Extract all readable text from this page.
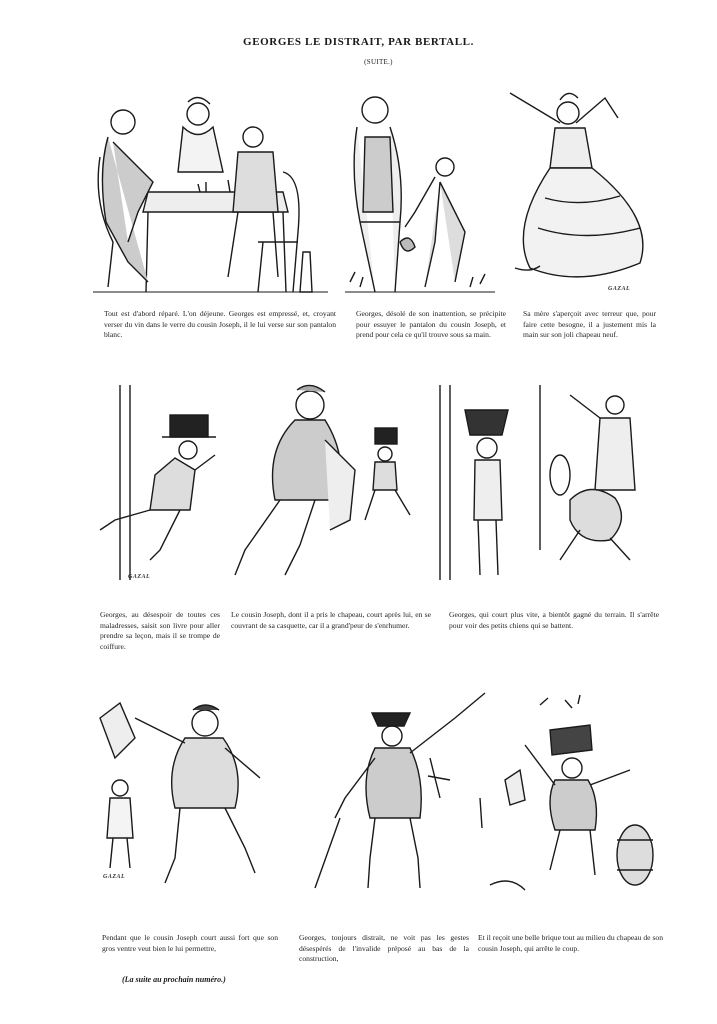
GEORGES LE DISTRAIT, PAR BERTALL.
(SUITE.)
GAZAL
Tout est d'abord réparé. L'on déjeune. Georges est empressé, et, croyant verser du vin dans le verre du cousin Joseph, il le lui verse sur son pantalon blanc.
Georges, désolé de son inattention, se précipite pour essuyer le pantalon du cousin Joseph, et prend pour cela ce qu'il trouve sous sa main.
Sa mère s'aperçoit avec terreur que, pour faire cette besogne, il a justement mis la main sur son joli chapeau neuf.
GAZAL
Georges, au désespoir de toutes ces maladresses, saisit son livre pour aller prendre sa leçon, mais il se trompe de coiffure.
Le cousin Joseph, dont il a pris le chapeau, court après lui, en se couvrant de sa casquette, car il a grand'peur de s'enrhumer.
Georges, qui court plus vite, a bientôt gagné du terrain. Il s'arrête pour voir des petits chiens qui se battent.
GAZAL
Pendant que le cousin Joseph court aussi fort que son gros ventre veut bien le lui permettre,
Georges, toujours distrait, ne voit pas les gestes désespérés de l'invalide préposé au bas de la construction,
Et il reçoit une belle brique tout au milieu du chapeau de son cousin Joseph, qui arrête le coup.
(La suite au prochain numéro.)
